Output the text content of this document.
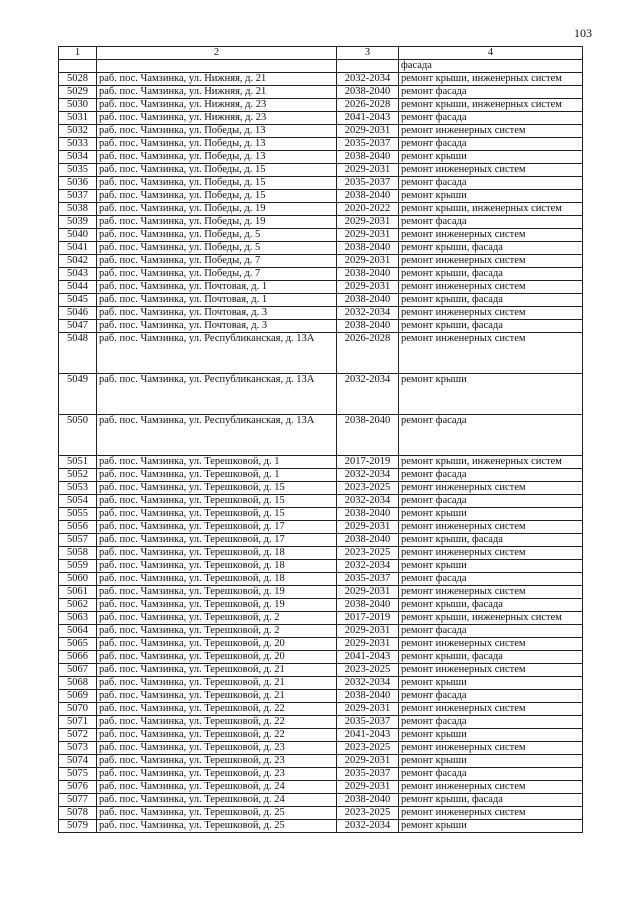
103
1	2	3	4
			фасада
5028	раб. пос. Чамзинка, ул. Нижняя, д. 21	2032-2034	ремонт крыши, инженерных систем
5029	раб. пос. Чамзинка, ул. Нижняя, д. 21	2038-2040	ремонт фасада
5030	раб. пос. Чамзинка, ул. Нижняя, д. 23	2026-2028	ремонт крыши, инженерных систем
5031	раб. пос. Чамзинка, ул. Нижняя, д. 23	2041-2043	ремонт фасада
5032	раб. пос. Чамзинка, ул. Победы, д. 13	2029-2031	ремонт инженерных систем
5033	раб. пос. Чамзинка, ул. Победы, д. 13	2035-2037	ремонт фасада
5034	раб. пос. Чамзинка, ул. Победы, д. 13	2038-2040	ремонт крыши
5035	раб. пос. Чамзинка, ул. Победы, д. 15	2029-2031	ремонт инженерных систем
5036	раб. пос. Чамзинка, ул. Победы, д. 15	2035-2037	ремонт фасада
5037	раб. пос. Чамзинка, ул. Победы, д. 15	2038-2040	ремонт крыши
5038	раб. пос. Чамзинка, ул. Победы, д. 19	2020-2022	ремонт крыши, инженерных систем
5039	раб. пос. Чамзинка, ул. Победы, д. 19	2029-2031	ремонт фасада
5040	раб. пос. Чамзинка, ул. Победы, д. 5	2029-2031	ремонт инженерных систем
5041	раб. пос. Чамзинка, ул. Победы, д. 5	2038-2040	ремонт крыши, фасада
5042	раб. пос. Чамзинка, ул. Победы, д. 7	2029-2031	ремонт инженерных систем
5043	раб. пос. Чамзинка, ул. Победы, д. 7	2038-2040	ремонт крыши, фасада
5044	раб. пос. Чамзинка, ул. Почтовая, д. 1	2029-2031	ремонт инженерных систем
5045	раб. пос. Чамзинка, ул. Почтовая, д. 1	2038-2040	ремонт крыши, фасада
5046	раб. пос. Чамзинка, ул. Почтовая, д. 3	2032-2034	ремонт инженерных систем
5047	раб. пос. Чамзинка, ул. Почтовая, д. 3	2038-2040	ремонт крыши, фасада
5048	раб. пос. Чамзинка, ул. Республиканская, д. 13А	2026-2028	ремонт инженерных систем
5049	раб. пос. Чамзинка, ул. Республиканская, д. 13А	2032-2034	ремонт крыши
5050	раб. пос. Чамзинка, ул. Республиканская, д. 13А	2038-2040	ремонт фасада
5051	раб. пос. Чамзинка, ул. Терешковой, д. 1	2017-2019	ремонт крыши, инженерных систем
5052	раб. пос. Чамзинка, ул. Терешковой, д. 1	2032-2034	ремонт фасада
5053	раб. пос. Чамзинка, ул. Терешковой, д. 15	2023-2025	ремонт инженерных систем
5054	раб. пос. Чамзинка, ул. Терешковой, д. 15	2032-2034	ремонт фасада
5055	раб. пос. Чамзинка, ул. Терешковой, д. 15	2038-2040	ремонт крыши
5056	раб. пос. Чамзинка, ул. Терешковой, д. 17	2029-2031	ремонт инженерных систем
5057	раб. пос. Чамзинка, ул. Терешковой, д. 17	2038-2040	ремонт крыши, фасада
5058	раб. пос. Чамзинка, ул. Терешковой, д. 18	2023-2025	ремонт инженерных систем
5059	раб. пос. Чамзинка, ул. Терешковой, д. 18	2032-2034	ремонт крыши
5060	раб. пос. Чамзинка, ул. Терешковой, д. 18	2035-2037	ремонт фасада
5061	раб. пос. Чамзинка, ул. Терешковой, д. 19	2029-2031	ремонт инженерных систем
5062	раб. пос. Чамзинка, ул. Терешковой, д. 19	2038-2040	ремонт крыши, фасада
5063	раб. пос. Чамзинка, ул. Терешковой, д. 2	2017-2019	ремонт крыши, инженерных систем
5064	раб. пос. Чамзинка, ул. Терешковой, д. 2	2029-2031	ремонт фасада
5065	раб. пос. Чамзинка, ул. Терешковой, д. 20	2029-2031	ремонт инженерных систем
5066	раб. пос. Чамзинка, ул. Терешковой, д. 20	2041-2043	ремонт крыши, фасада
5067	раб. пос. Чамзинка, ул. Терешковой, д. 21	2023-2025	ремонт инженерных систем
5068	раб. пос. Чамзинка, ул. Терешковой, д. 21	2032-2034	ремонт крыши
5069	раб. пос. Чамзинка, ул. Терешковой, д. 21	2038-2040	ремонт фасада
5070	раб. пос. Чамзинка, ул. Терешковой, д. 22	2029-2031	ремонт инженерных систем
5071	раб. пос. Чамзинка, ул. Терешковой, д. 22	2035-2037	ремонт фасада
5072	раб. пос. Чамзинка, ул. Терешковой, д. 22	2041-2043	ремонт крыши
5073	раб. пос. Чамзинка, ул. Терешковой, д. 23	2023-2025	ремонт инженерных систем
5074	раб. пос. Чамзинка, ул. Терешковой, д. 23	2029-2031	ремонт крыши
5075	раб. пос. Чамзинка, ул. Терешковой, д. 23	2035-2037	ремонт фасада
5076	раб. пос. Чамзинка, ул. Терешковой, д. 24	2029-2031	ремонт инженерных систем
5077	раб. пос. Чамзинка, ул. Терешковой, д. 24	2038-2040	ремонт крыши, фасада
5078	раб. пос. Чамзинка, ул. Терешковой, д. 25	2023-2025	ремонт инженерных систем
5079	раб. пос. Чамзинка, ул. Терешковой, д. 25	2032-2034	ремонт крыши
